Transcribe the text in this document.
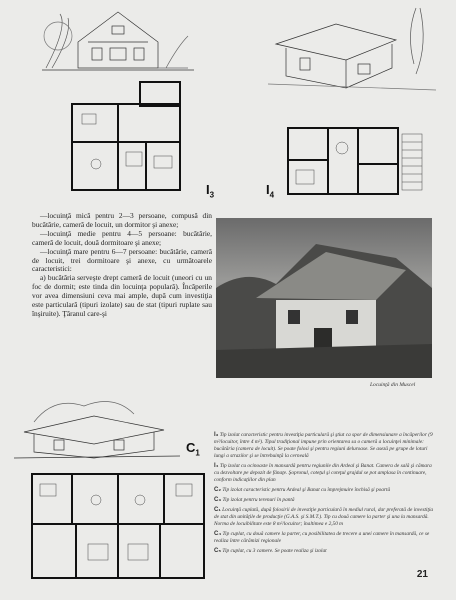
$I_3$	$I_4$

—locuinţă mică pentru 2—3 persoane, compusă din bucătărie, cameră de locuit, un dormitor şi anexe;

—locuinţă medie pentru 4—5 persoane: bucătărie, cameră de locuit, două dormitoare şi anexe;

—locuinţă mare pentru 6—7 persoane: bucătărie, cameră de locuit, trei dormitoare şi anexe, cu următoarele caracteristici:

a) bucătăria serveşte drept cameră de locuit (uneori cu un foc de dormit; este tinda din locuinţa populară). Încăperile vor avea dimensiuni ceva mai ample, după cum investiţia este particulară (tipuri izolate) sau de stat (tipuri ruplate sau înşiruite). Ţăranul care-şi

Locuinţă din Muscel
$C_1$
I₃ Tip izolat caracteristic pentru investiţia particulară şi ştiut ca spor de dimensiunare a încăperilor (9 m²/locuitor, între 4 m²). Tipul tradiţional impune prin orientarea sa o cameră a locuinţei minimale: bucătăria (camera de locuit). Se poate folosi şi pentru regiuni deluroase. Se aseză pe grupe de loturi lungi a strazilor şi se întrebuinţă la cerneală
I₄ Tip izolat cu ocinoaste în mansardă pentru regiunile din Ardeal şi Banat. Camera de sală şi cămara cu dezvoltare pe depozit de fânaţe. Şopronul, coteţul şi coteţul grajdul se pot amplasa în continuare, conform indicaţiilor din plan
C₂ Tip izolat caracteristic pentru Ardeal şi Banat cu împrejmuire închisă şi poartă
C₃ Tip izolat pentru terenuri în pantă
C₁ Locuinţă cuplată, după folosirii de investiţie particulară în mediul rural, dar preferată de investiţia de stat din unităţile de producţie (G.A.S. şi S.M.T.). Tip cu două camere la parter şi una la mansardă. Norma de locuibilitate este 8 m²/locuitor; înaltimea e 2,50 m
C₄ Tip cuplat, cu două camere la parter, cu posibilitatea de trecere a unei camere în mansardă, ce se realiza între cărămizi regionale
C₅ Tip cuplat, cu 3 camere. Se poate realiza şi izolat
21
